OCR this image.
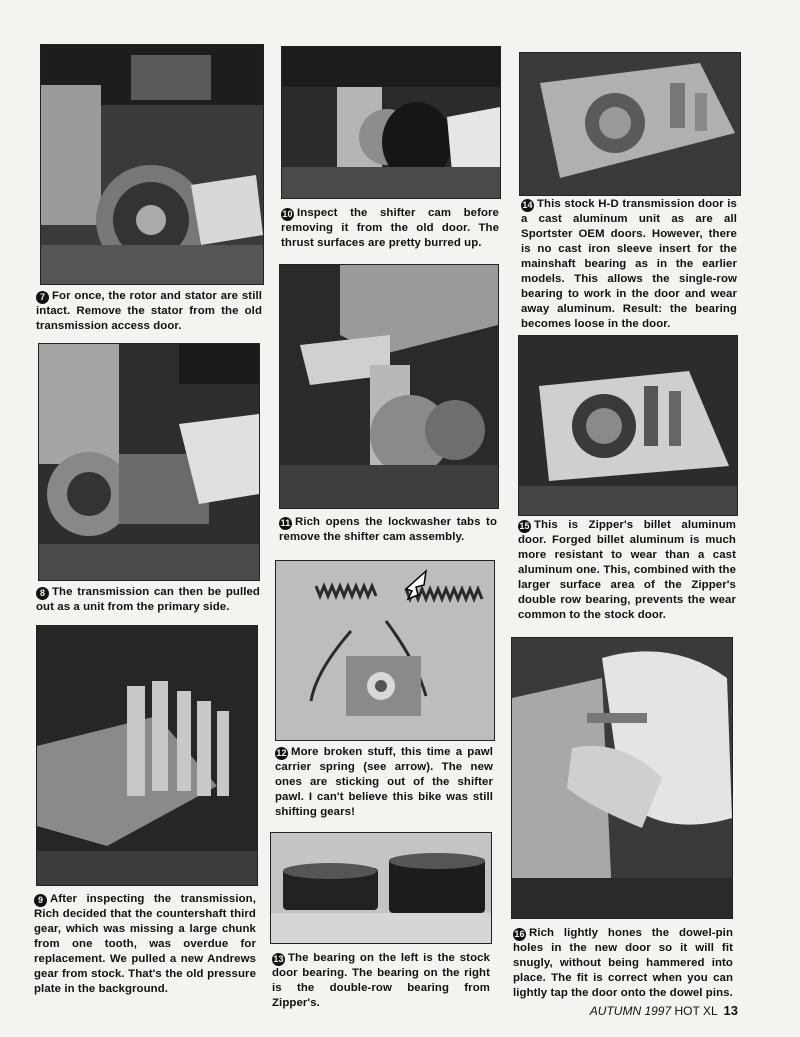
7 For once, the rotor and stator are still intact. Remove the stator from the old transmission access door.
8 The transmission can then be pulled out as a unit from the primary side.
9 After inspecting the transmission, Rich decided that the countershaft third gear, which was missing a large chunk from one tooth, was overdue for replacement. We pulled a new Andrews gear from stock. That's the old pressure plate in the background.
10 Inspect the shifter cam before removing it from the old door. The thrust surfaces are pretty burred up.
11 Rich opens the lockwasher tabs to remove the shifter cam assembly.
12 More broken stuff, this time a pawl carrier spring (see arrow). The new ones are sticking out of the shifter pawl. I can't believe this bike was still shifting gears!
13 The bearing on the left is the stock door bearing. The bearing on the right is the double-row bearing from Zipper's.
14 This stock H-D transmission door is a cast aluminum unit as are all Sportster OEM doors. However, there is no cast iron sleeve insert for the mainshaft bearing as in the earlier models. This allows the single-row bearing to work in the door and wear away aluminum. Result: the bearing becomes loose in the door.
15 This is Zipper's billet aluminum door. Forged billet aluminum is much more resistant to wear than a cast aluminum one. This, combined with the larger surface area of the Zipper's double row bearing, prevents the wear common to the stock door.
16 Rich lightly hones the dowel-pin holes in the new door so it will fit snugly, without being hammered into place. The fit is correct when you can lightly tap the door onto the dowel pins.
AUTUMN 1997 HOT XL 13
